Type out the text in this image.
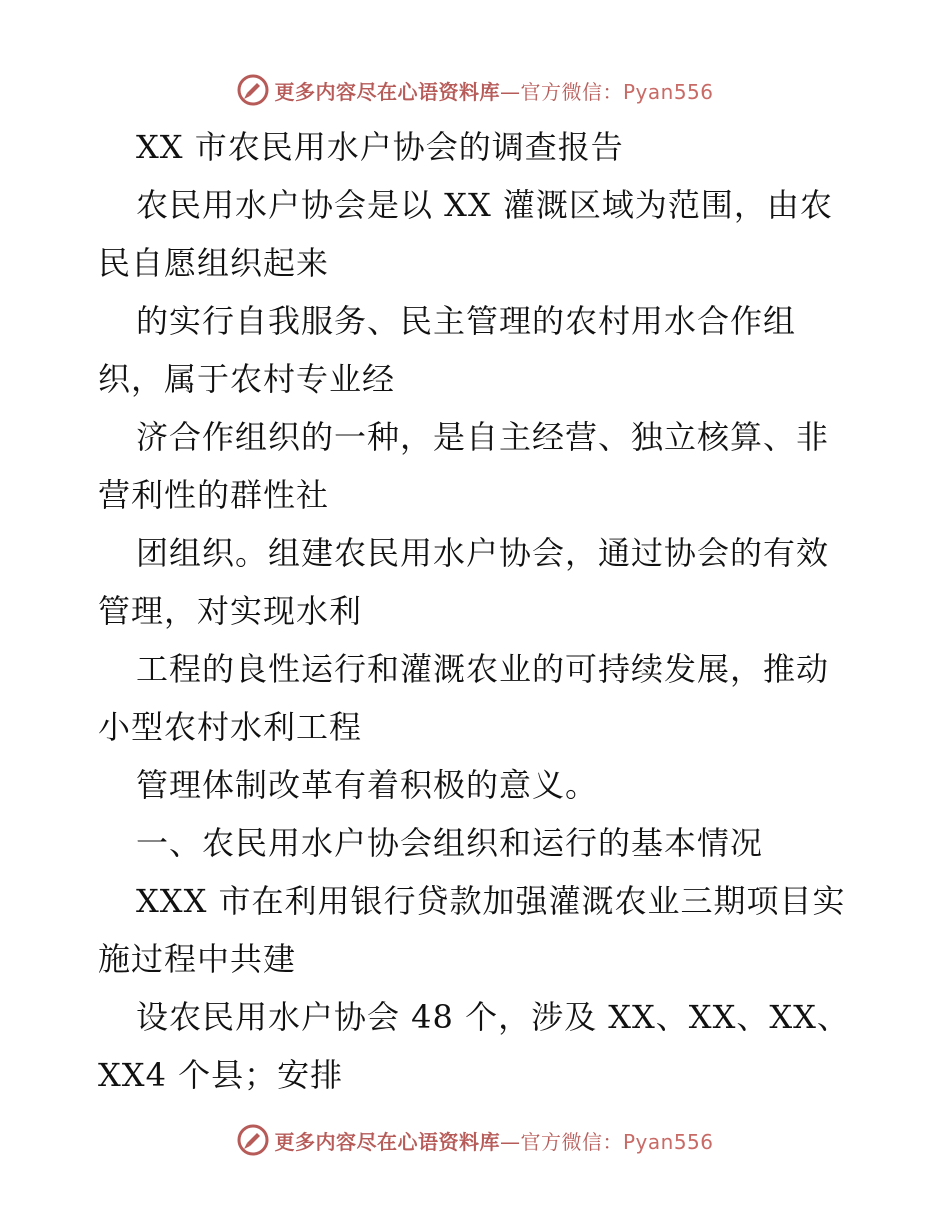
更多内容尽在心语资料库—官方微信：Pyan556
XX 市农民用水户协会的调查报告
农民用水户协会是以 XX 灌溉区域为范围，由农
民自愿组织起来
的实行自我服务、民主管理的农村用水合作组
织，属于农村专业经
济合作组织的一种，是自主经营、独立核算、非
营利性的群性社
团组织。组建农民用水户协会，通过协会的有效
管理，对实现水利
工程的良性运行和灌溉农业的可持续发展，推动
小型农村水利工程
管理体制改革有着积极的意义。
一、农民用水户协会组织和运行的基本情况
XXX 市在利用银行贷款加强灌溉农业三期项目实
施过程中共建
设农民用水户协会 48 个，涉及 XX、XX、XX、
XX4 个县；安排
更多内容尽在心语资料库—官方微信：Pyan556
